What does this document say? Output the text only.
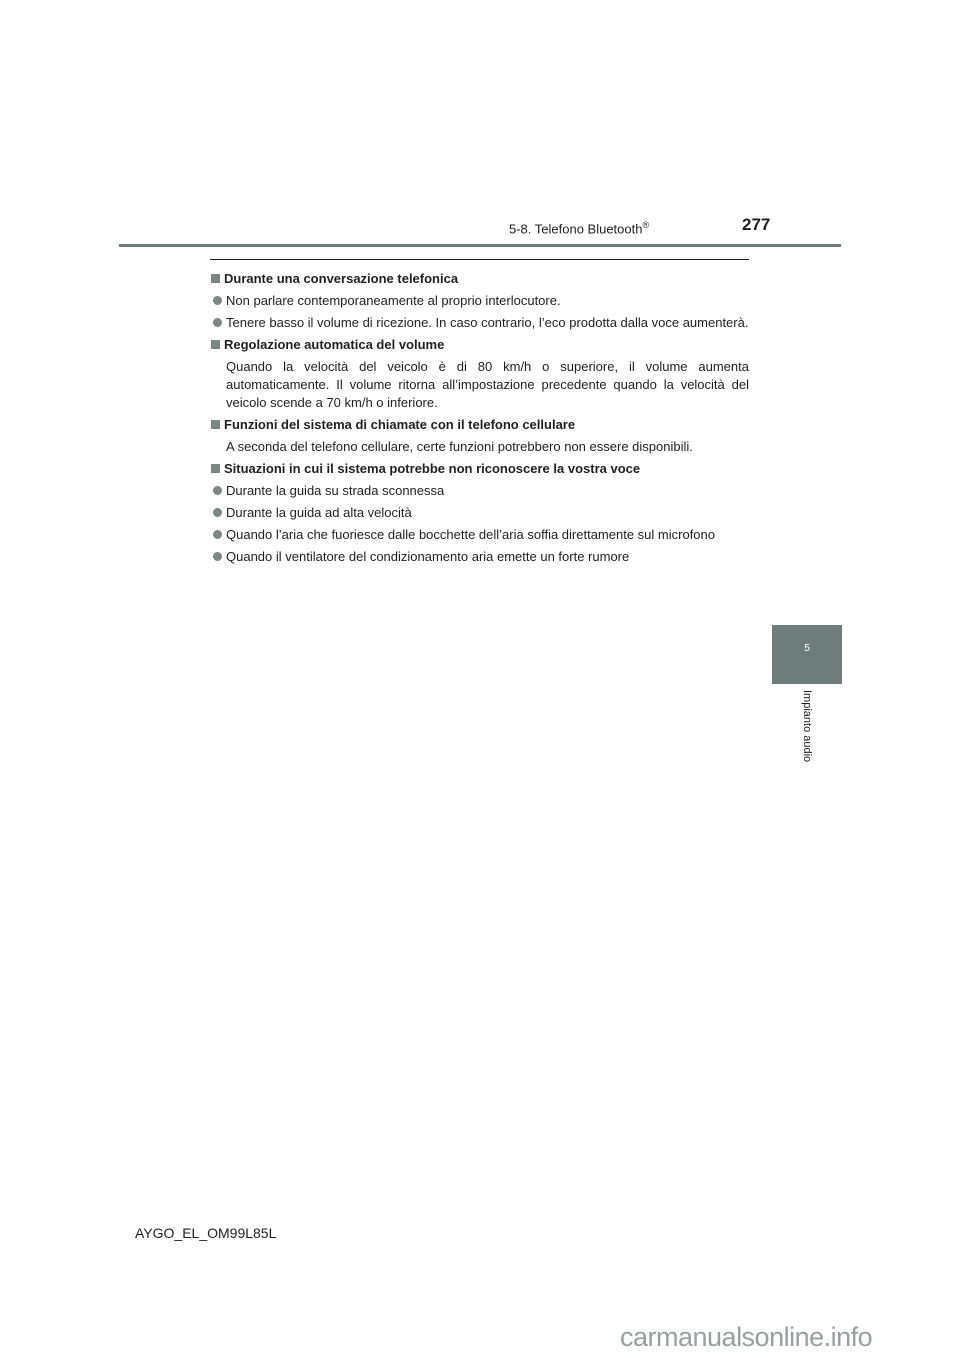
5-8. Telefono Bluetooth®	277
Durante una conversazione telefonica
Non parlare contemporaneamente al proprio interlocutore.
Tenere basso il volume di ricezione. In caso contrario, l’eco prodotta dalla voce aumenterà.
Regolazione automatica del volume
Quando la velocità del veicolo è di 80 km/h o superiore, il volume aumenta automaticamente. Il volume ritorna all’impostazione precedente quando la velocità del veicolo scende a 70 km/h o inferiore.
Funzioni del sistema di chiamate con il telefono cellulare
A seconda del telefono cellulare, certe funzioni potrebbero non essere disponibili.
Situazioni in cui il sistema potrebbe non riconoscere la vostra voce
Durante la guida su strada sconnessa
Durante la guida ad alta velocità
Quando l’aria che fuoriesce dalle bocchette dell’aria soffia direttamente sul microfono
Quando il ventilatore del condizionamento aria emette un forte rumore
5
Impianto audio
AYGO_EL_OM99L85L
carmanualsonline.info
